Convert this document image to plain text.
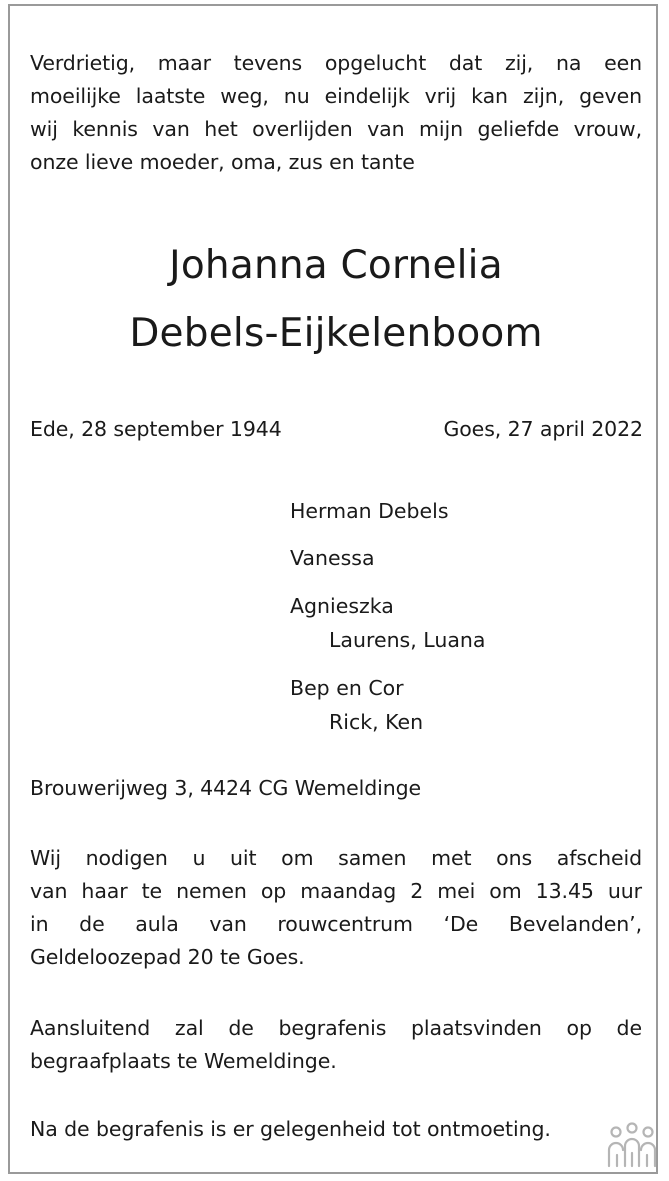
Verdrietig, maar tevens opgelucht dat zij, na een
moeilijke laatste weg, nu eindelijk vrij kan zijn, geven
wij kennis van het overlijden van mijn geliefde vrouw,
onze lieve moeder, oma, zus en tante
Johanna Cornelia
Debels-Eijkelenboom
Ede, 28 september 1944	Goes, 27 april 2022
Herman Debels
Vanessa
Agnieszka
Laurens, Luana
Bep en Cor
Rick, Ken
Brouwerijweg 3, 4424 CG Wemeldinge
Wij nodigen u uit om samen met ons afscheid
van haar te nemen op maandag 2 mei om 13.45 uur
in de aula van rouwcentrum ‘De Bevelanden’,
Geldeloozepad 20 te Goes.
Aansluitend zal de begrafenis plaatsvinden op de
begraafplaats te Wemeldinge.
Na de begrafenis is er gelegenheid tot ontmoeting.
